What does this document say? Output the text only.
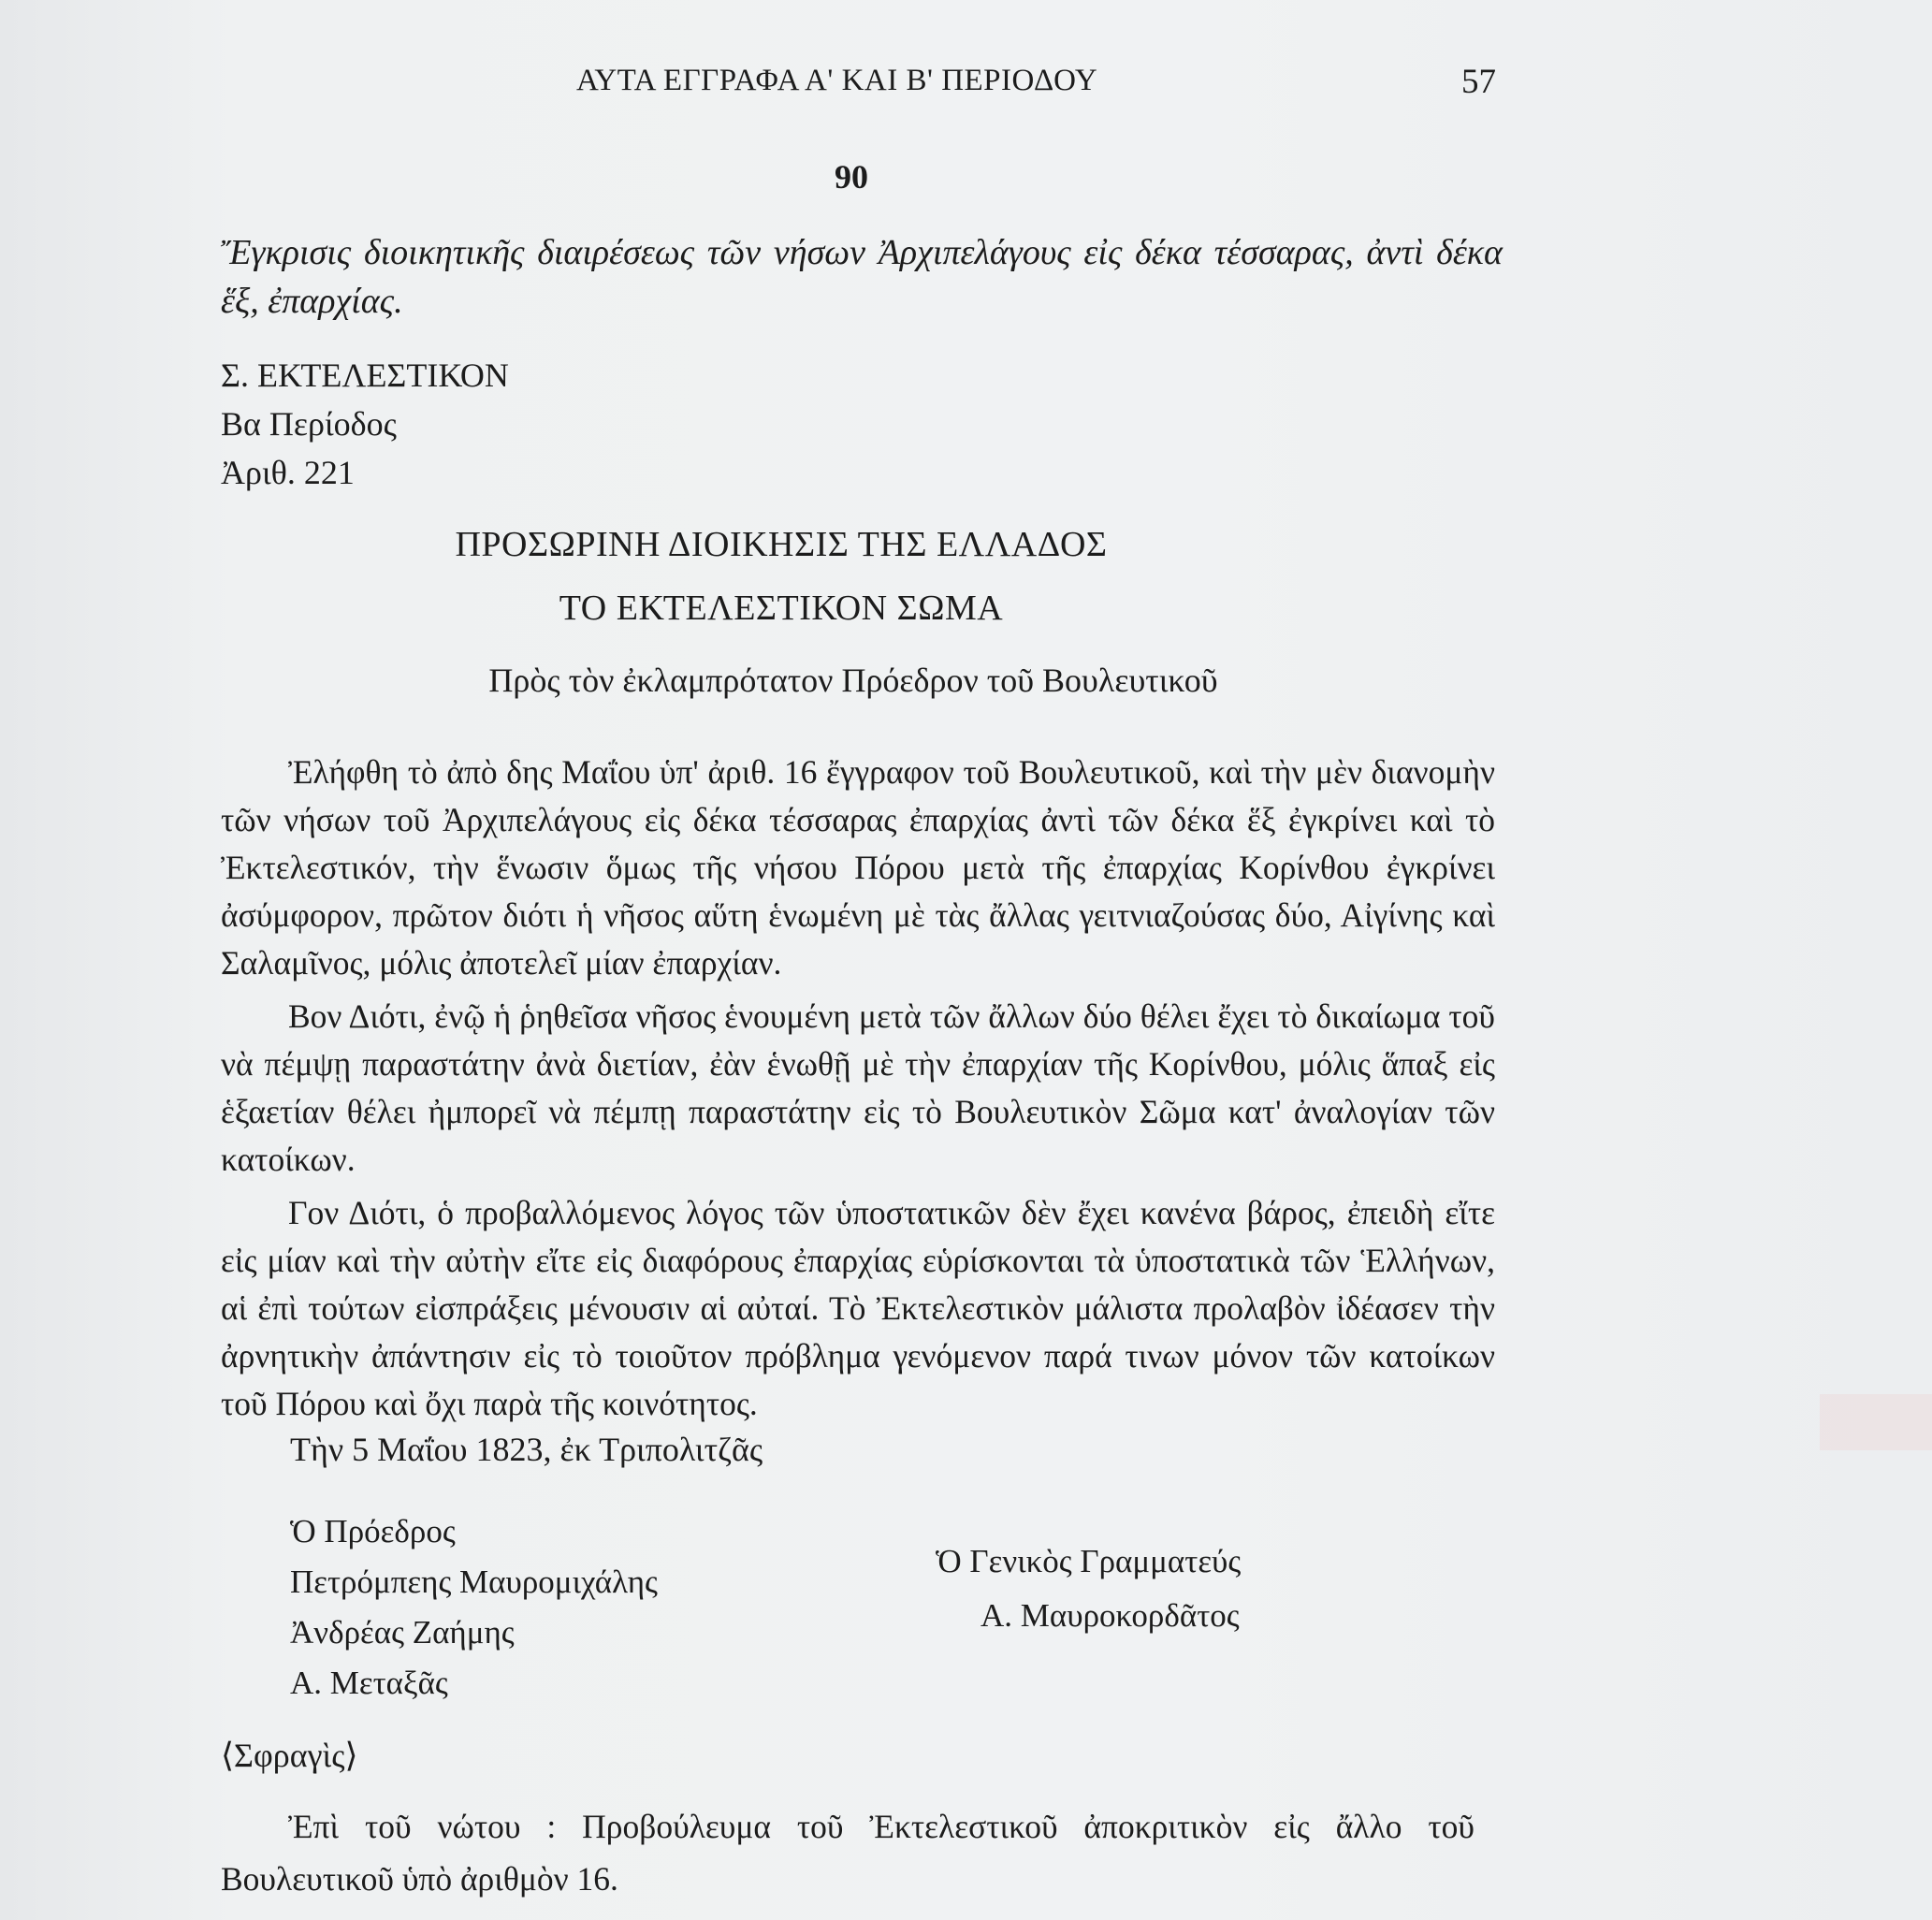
ΑΥΤΑ ΕΓΓΡΑΦΑ Α' ΚΑΙ Β' ΠΕΡΙΟΔΟΥ	57
90
Ἔγκρισις διοικητικῆς διαιρέσεως τῶν νήσων Ἀρχιπελάγους εἰς δέκα τέσσαρας, ἀντὶ δέκα ἕξ, ἐπαρχίας.
Σ. ΕΚΤΕΛΕΣΤΙΚΟΝ
Βα Περίοδος
Ἀριθ. 221
ΠΡΟΣΩΡΙΝΗ ΔΙΟΙΚΗΣΙΣ ΤΗΣ ΕΛΛΑΔΟΣ
ΤΟ ΕΚΤΕΛΕΣΤΙΚΟΝ ΣΩΜΑ
Πρὸς τὸν ἐκλαμπρότατον Πρόεδρον τοῦ Βουλευτικοῦ

Ἐλήφθη τὸ ἀπὸ δης Μαΐου ὑπ' ἀριθ. 16 ἔγγραφον τοῦ Βουλευτικοῦ, καὶ τὴν μὲν διανομὴν τῶν νήσων τοῦ Ἀρχιπελάγους εἰς δέκα τέσσαρας ἐπαρχίας ἀντὶ τῶν δέκα ἕξ ἐγκρίνει καὶ τὸ Ἐκτελεστικόν, τὴν ἕνωσιν ὅμως τῆς νήσου Πόρου μετὰ τῆς ἐπαρχίας Κορίνθου ἐγκρίνει ἀσύμφορον, πρῶτον διότι ἡ νῆσος αὕτη ἑνωμένη μὲ τὰς ἄλλας γειτνιαζούσας δύο, Αἰγίνης καὶ Σαλαμῖνος, μόλις ἀποτελεῖ μίαν ἐπαρχίαν.

Βον Διότι, ἐνῷ ἡ ῥηθεῖσα νῆσος ἑνουμένη μετὰ τῶν ἄλλων δύο θέλει ἔχει τὸ δικαίωμα τοῦ νὰ πέμψῃ παραστάτην ἀνὰ διετίαν, ἐὰν ἑνωθῇ μὲ τὴν ἐπαρχίαν τῆς Κορίνθου, μόλις ἅπαξ εἰς ἑξαετίαν θέλει ἠμπορεῖ νὰ πέμπῃ παραστάτην εἰς τὸ Βουλευτικὸν Σῶμα κατ' ἀναλογίαν τῶν κατοίκων.

Γον Διότι, ὁ προβαλλόμενος λόγος τῶν ὑποστατικῶν δὲν ἔχει κανένα βάρος, ἐπειδὴ εἴτε εἰς μίαν καὶ τὴν αὐτὴν εἴτε εἰς διαφόρους ἐπαρχίας εὑρίσκονται τὰ ὑποστατικὰ τῶν Ἑλλήνων, αἱ ἐπὶ τούτων εἰσπράξεις μένουσιν αἱ αὐταί. Τὸ Ἐκτελεστικὸν μάλιστα προλαβὸν ἰδέασεν τὴν ἀρνητικὴν ἀπάντησιν εἰς τὸ τοιοῦτον πρόβλημα γενόμενον παρά τινων μόνον τῶν κατοίκων τοῦ Πόρου καὶ ὄχι παρὰ τῆς κοινότητος.

Τὴν 5 Μαΐου 1823, ἐκ Τριπολιτζᾶς
Ὁ Πρόεδρος
Πετρόμπεης Μαυρομιχάλης
Ἀνδρέας Ζαήμης
Α. Μεταξᾶς
Ὁ Γενικὸς Γραμματεύς
Α. Μαυροκορδᾶτος
⟨Σφραγὶς⟩

Ἐπὶ τοῦ νώτου : Προβούλευμα τοῦ Ἐκτελεστικοῦ ἀποκριτικὸν εἰς ἄλλο τοῦ Βουλευτικοῦ ὑπὸ ἀριθμὸν 16.
